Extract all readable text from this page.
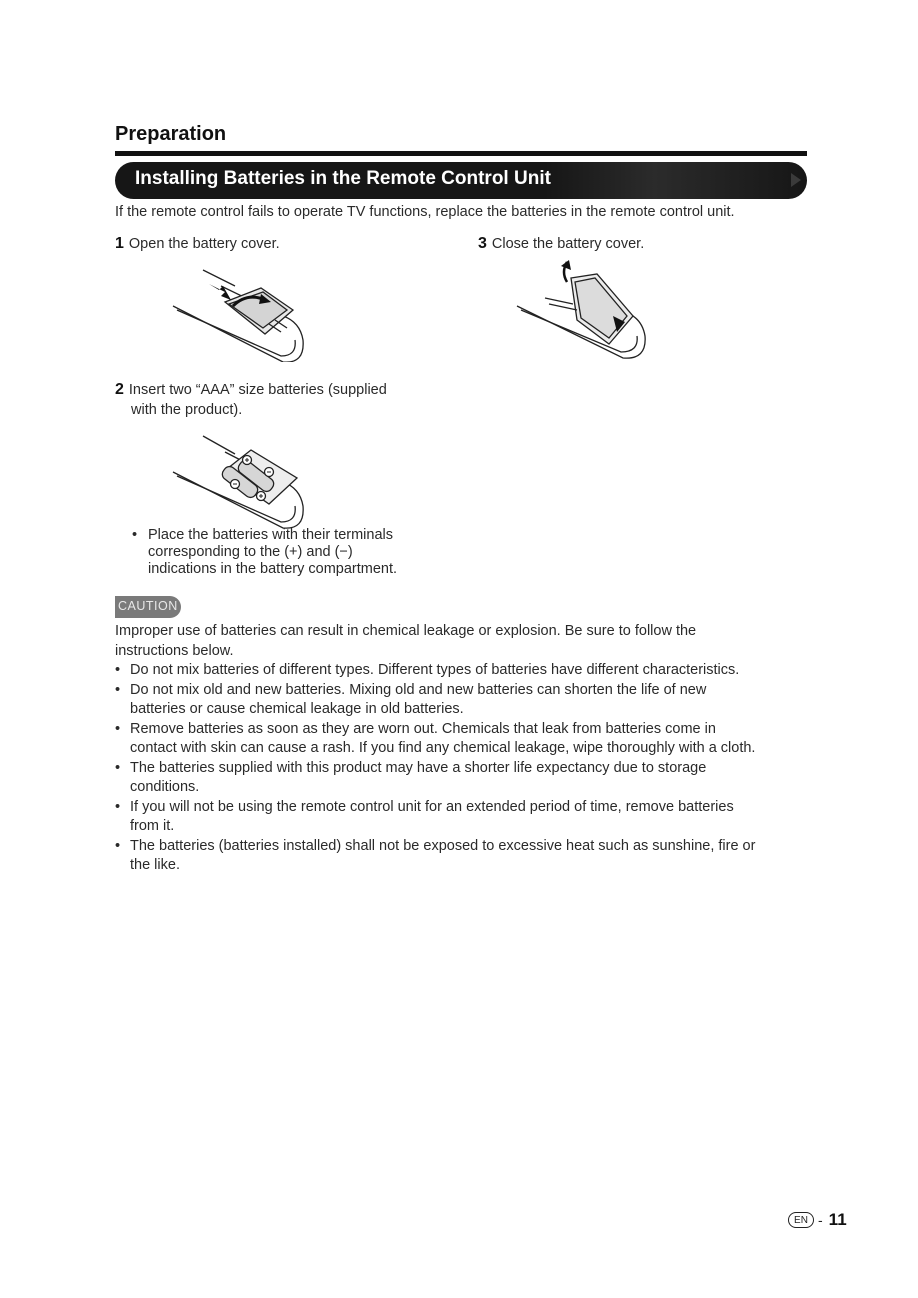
Preparation
Installing Batteries in the Remote Control Unit
If the remote control fails to operate TV functions, replace the batteries in the remote control unit.
1 Open the battery cover.	3 Close the battery cover.
2 Insert two “AAA” size batteries (supplied
with the product).
• Place the batteries with their terminals
corresponding to the (+) and (−)
indications in the battery compartment.
CAUTION

Improper use of batteries can result in chemical leakage or explosion. Be sure to follow the

instructions below.

• Do not mix batteries of different types. Different types of batteries have different characteristics.
• Do not mix old and new batteries. Mixing old and new batteries can shorten the life of new
batteries or cause chemical leakage in old batteries.
• Remove batteries as soon as they are worn out. Chemicals that leak from batteries come in
contact with skin can cause a rash. If you find any chemical leakage, wipe thoroughly with a cloth.
• The batteries supplied with this product may have a shorter life expectancy due to storage
conditions.
• If you will not be using the remote control unit for an extended period of time, remove batteries
from it.
• The batteries (batteries installed) shall not be exposed to excessive heat such as sunshine, fire or
the like.
EN - 11
